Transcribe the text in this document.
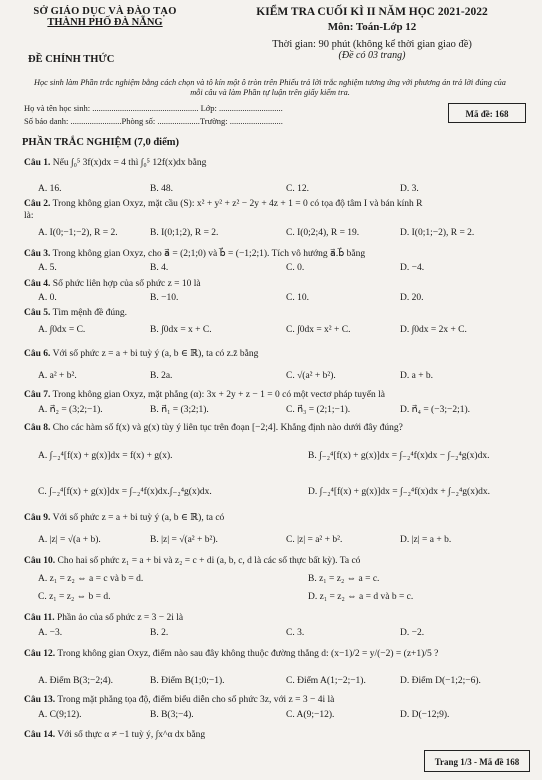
SỞ GIÁO DỤC VÀ ĐÀO TẠO
THÀNH PHỐ ĐÀ NẴNG
ĐỀ CHÍNH THỨC
KIỂM TRA CUỐI KÌ II NĂM HỌC 2021-2022
Môn: Toán-Lớp 12
Thời gian: 90 phút (không kể thời gian giao đề)
(Đề có 03 trang)
Học sinh làm Phần trắc nghiệm bằng cách chọn và tô kín một ô tròn trên Phiếu trả lời trắc nghiệm tương ứng với phương án trả lời đúng của mỗi câu và làm Phần tự luận trên giấy kiểm tra.
Họ và tên học sinh: .................................................. Lớp: ..............................
Số báo danh: ........................Phòng số: ....................Trường: .........................
Mã đề: 168
PHẦN TRẮC NGHIỆM (7,0 điểm)
Câu 1. Nếu ∫₀⁵ 3f(x)dx = 4 thì ∫₀⁵ 12f(x)dx bằng
A. 16.	B. 48.	C. 12.	D. 3.
Câu 2. Trong không gian Oxyz, mặt cầu (S): x² + y² + z² − 2y + 4z + 1 = 0 có tọa độ tâm I và bán kính R
là:
A. I(0;−1;−2), R = 2.	B. I(0;1;2), R = 2.	C. I(0;2;4), R = 19.	D. I(0;1;−2), R = 2.
Câu 3. Trong không gian Oxyz, cho a⃗ = (2;1;0) và b⃗ = (−1;2;1). Tích vô hướng a⃗.b⃗ bằng
A. 5.	B. 4.	C. 0.	D. −4.
Câu 4. Số phức liên hợp của số phức z = 10 là
A. 0.	B. −10.	C. 10.	D. 20.
Câu 5. Tìm mệnh đề đúng.
A. ∫0dx = C.	B. ∫0dx = x + C.	C. ∫0dx = x² + C.	D. ∫0dx = 2x + C.
Câu 6. Với số phức z = a + bi tuỳ ý (a, b ∈ ℝ), ta có z.z̄ bằng
A. a² + b².	B. 2a.	C. √(a² + b²).	D. a + b.
Câu 7. Trong không gian Oxyz, mặt phẳng (α): 3x + 2y + z − 1 = 0 có một vectơ pháp tuyến là
A. n⃗₂ = (3;2;−1).	B. n⃗₁ = (3;2;1).	C. n⃗₃ = (2;1;−1).	D. n⃗₄ = (−3;−2;1).
Câu 8. Cho các hàm số f(x) và g(x) tùy ý liên tục trên đoạn [−2;4]. Khẳng định nào dưới đây đúng?
A. ∫₋₂⁴[f(x) + g(x)]dx = f(x) + g(x).	B. ∫₋₂⁴[f(x) + g(x)]dx = ∫₋₂⁴f(x)dx − ∫₋₂⁴g(x)dx.
C. ∫₋₂⁴[f(x) + g(x)]dx = ∫₋₂⁴f(x)dx.∫₋₂⁴g(x)dx.	D. ∫₋₂⁴[f(x) + g(x)]dx = ∫₋₂⁴f(x)dx + ∫₋₂⁴g(x)dx.
Câu 9. Với số phức z = a + bi tuỳ ý (a, b ∈ ℝ), ta có
A. |z| = √(a + b).	B. |z| = √(a² + b²).	C. |z| = a² + b².	D. |z| = a + b.
Câu 10. Cho hai số phức z₁ = a + bi và z₂ = c + di (a, b, c, d là các số thực bất kỳ). Ta có
A. z₁ = z₂ ⇔ a = c và b = d.	B. z₁ = z₂ ⇔ a = c.
C. z₁ = z₂ ⇔ b = d.	D. z₁ = z₂ ⇔ a = d và b = c.
Câu 11. Phần ảo của số phức z = 3 − 2i là
A. −3.	B. 2.	C. 3.	D. −2.
Câu 12. Trong không gian Oxyz, điểm nào sau đây không thuộc đường thẳng d: (x−1)/2 = y/(−2) = (z+1)/5 ?
A. Điểm B(3;−2;4).	B. Điểm B(1;0;−1).	C. Điểm A(1;−2;−1).	D. Điểm D(−1;2;−6).
Câu 13. Trong mặt phẳng tọa độ, điểm biểu diễn cho số phức 3z, với z = 3 − 4i là
A. C(9;12).	B. B(3;−4).	C. A(9;−12).	D. D(−12;9).
Câu 14. Với số thực α ≠ −1 tuỳ ý, ∫x^α dx bằng
Trang 1/3 - Mã đề 168
